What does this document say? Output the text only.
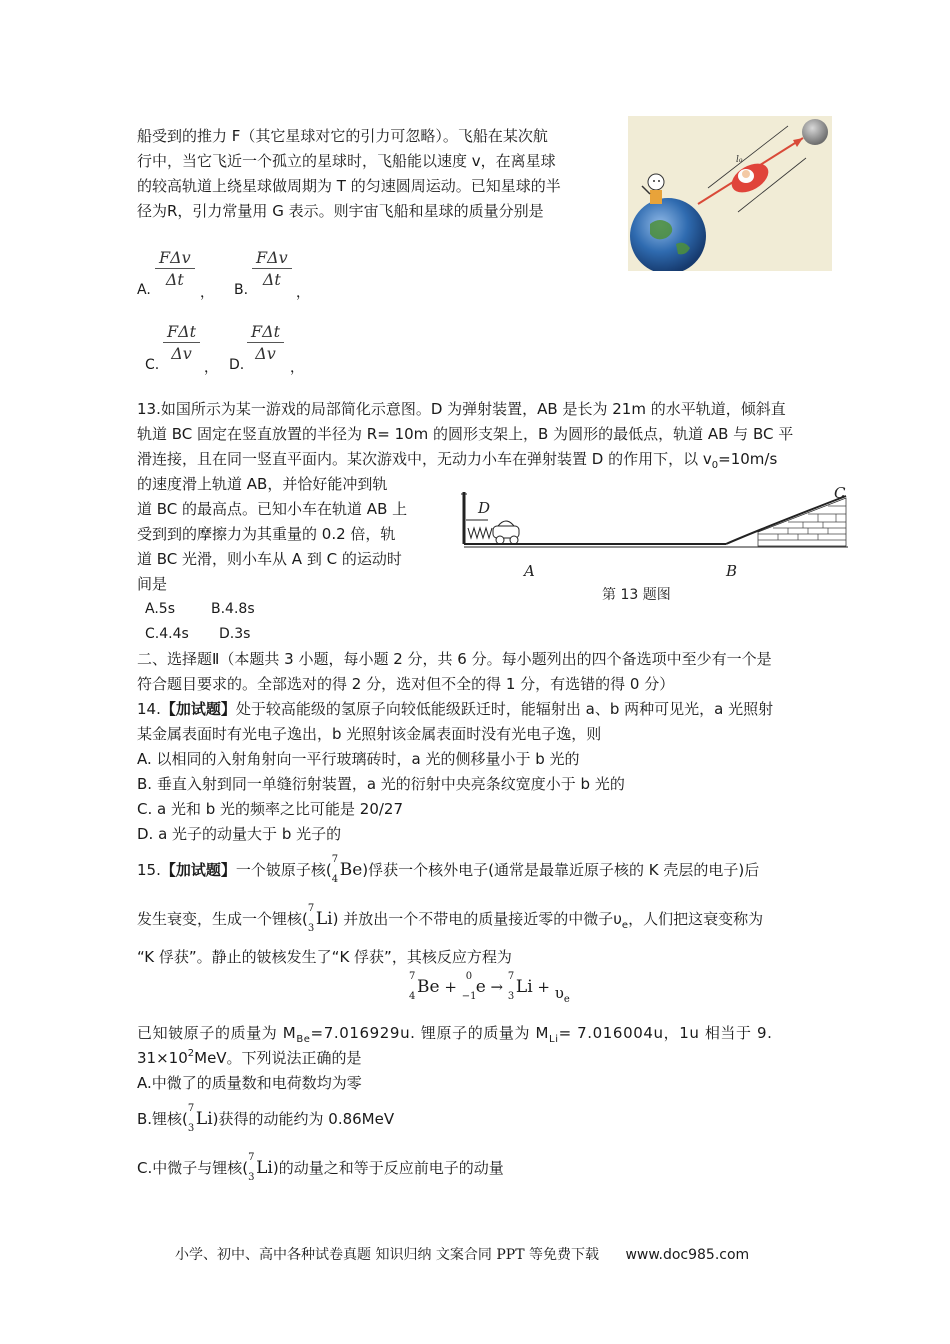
船受到的推力 F（其它星球对它的引力可忽略）。飞船在某次航
行中，当它飞近一个孤立的星球时，飞船能以速度 v，在离星球
的较高轨道上绕星球做周期为 T 的匀速圆周运动。已知星球的半
径为R，引力常量用 G 表示。则宇宙飞船和星球的质量分别是
l₀
A.
FΔv
Δt
， B.
FΔv
Δt
，
C.
FΔt
Δv
， D.
FΔt
Δv
，
13.如国所示为某一游戏的局部简化示意图。D 为弹射装置，AB 是长为 21m 的水平轨道，倾斜直
轨道 BC 固定在竖直放置的半径为 R= 10m 的圆形支架上，B 为圆形的最低点，轨道 AB 与 BC 平
滑连接，且在同一竖直平面内。某次游戏中，无动力小车在弹射装置 D 的作用下，以 $v_0=10m/s$
的速度滑上轨道 AB，并恰好能冲到轨
道 BC 的最高点。已知小车在轨道 AB 上
受到到的摩擦力为其重量的 0.2 倍，轨
道 BC 光滑，则小车从 A 到 C 的运动时
间是
A.5s	B.4.8s
C.4.4s D.3s
D
A	B
C
第 13 题图
二、选择题Ⅱ（本题共 3 小题，每小题 2 分，共 6 分。每小题列出的四个备选项中至少有一个是
符合题目要求的。全部选对的得 2 分，选对但不全的得 1 分，有选错的得 0 分）
14.【加试题】处于较高能级的氢原子向较低能级跃迁时，能辐射出 a、b 两种可见光，a 光照射
某金属表面时有光电子逸出，b 光照射该金属表面时没有光电子逸，则
A. 以相同的入射角射向一平行玻璃砖时，a 光的侧移量小于 b 光的
B. 垂直入射到同一单缝衍射装置，a 光的衍射中央亮条纹宽度小于 b 光的
C. a 光和 b 光的频率之比可能是 20/27
D. a 光子的动量大于 b 光子的
15.【加试题】一个铍原子核(
7
4 Be)俘获一个核外电子(通常是最靠近原子核的 K 壳层的电子)后
发生衰变，生成一个锂核(
7
3 Li) 并放出一个不带电的质量接近零的中微子$\upsilon_e$，人们把这衰变称为
“K 俘获”。静止的铍核发生了“K 俘获”，其核反应方程为
7
4 Be +
0
−1 e →
7
3 $Li + \upsilon_e$
已知铍原子的质量为 $M_{Be}=7.016929u$. 锂原子的质量为 $M_{Li}= 7.016004u$，1u 相当于 9.
$31\times 10^2MeV$。下列说法正确的是
A.中微了的质量数和电荷数均为零
B.锂核(
7
3 Li)获得的动能约为 0.86MeV
C.中微子与锂核(
7
3 Li)的动量之和等于反应前电子的动量
小学、初中、高中各种试卷真题 知识归纳 文案合同 PPT 等免费下载 www.doc985.com
